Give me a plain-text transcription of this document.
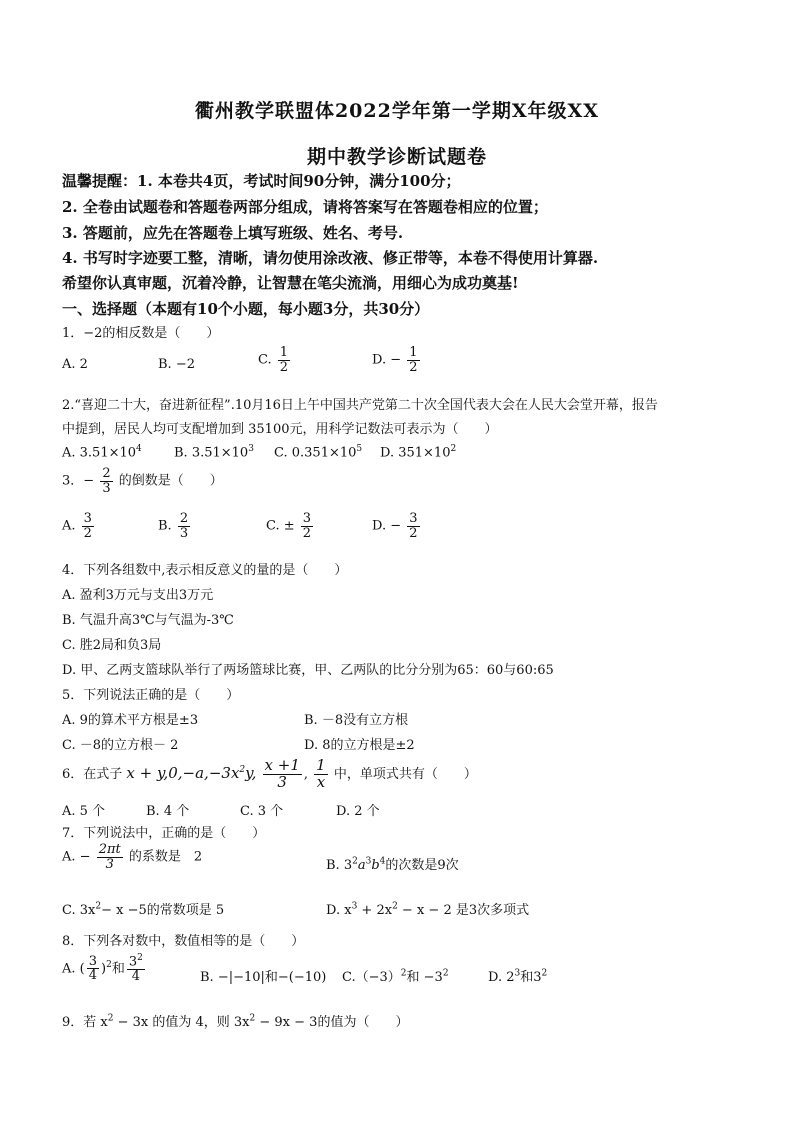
衢州教学联盟体2022学年第一学期X年级XX
期中教学诊断试题卷
温馨提醒：1. 本卷共4页，考试时间90分钟，满分100分；
2. 全卷由试题卷和答题卷两部分组成，请将答案写在答题卷相应的位置；
3. 答题前，应先在答题卷上填写班级、姓名、考号.
4. 书写时字迹要工整，清晰，请勿使用涂改液、修正带等，本卷不得使用计算器.
希望你认真审题，沉着冷静，让智慧在笔尖流淌，用细心为成功奠基!
一、选择题（本题有10个小题，每小题3分，共30分）
1．−2的相反数是（　　）
A. 2	B. −2	C. $\frac{1}{2}$	D. − $\frac{1}{2}$
2.“喜迎二十大，奋进新征程”.10月16日上午中国共产党第二十次全国代表大会在人民大会堂开幕，报告
中提到，居民人均可支配增加到 35100元，用科学记数法可表示为（　　）
A. $3.51\times 10^4$ B. $3.51\times 10^3$ C. $0.351\times 10^5$ D. $351\times 10^2$
3．− $\frac{2}{3}$ 的倒数是（　　）
A. $\frac{3}{2}$	B. $\frac{2}{3}$	C. ± $\frac{3}{2}$	D. − $\frac{3}{2}$
4．下列各组数中,表示相反意义的量的是（　　）
A. 盈利3万元与支出3万元
B. 气温升高3℃与气温为-3℃
C. 胜2局和负3局
D. 甲、乙两支篮球队举行了两场篮球比赛，甲、乙两队的比分分别为65：60与60:65
5．下列说法正确的是（　　）
A. 9的算术平方根是±3	B. －8没有立方根
C. －8的立方根－ 2	D. 8的立方根是±2
6．在式子 $x + y,0,-a,-3x^2y$, $\frac{x +1}{3}$ , $\frac{1}{x}$ 中，单项式共有（　　）
A. 5 个	B. 4 个	C. 3 个	D. 2 个
7．下列说法中，正确的是（　　）
A. − $\frac{2\pi t}{3}$ 的系数是　2
B. $3^2a^3b^4$的次数是9次
C. $3x^2- x -5$的常数项是 5	D. $x^3 + 2x^2 - x - 2$ 是3次多项式
8．下列各对数中，数值相等的是（　　）
A. ( $\frac{3}{4} )^2$和 $\frac{3^2}{4}$	B. −|−10|和−(−10) $C.(-3)^2$和 $-3^2$	D. $2^3$和$3^2$
9．若 $x^2 - 3x$ 的值为 4，则 $3x^2 - 9x - 3$的值为（　　）
